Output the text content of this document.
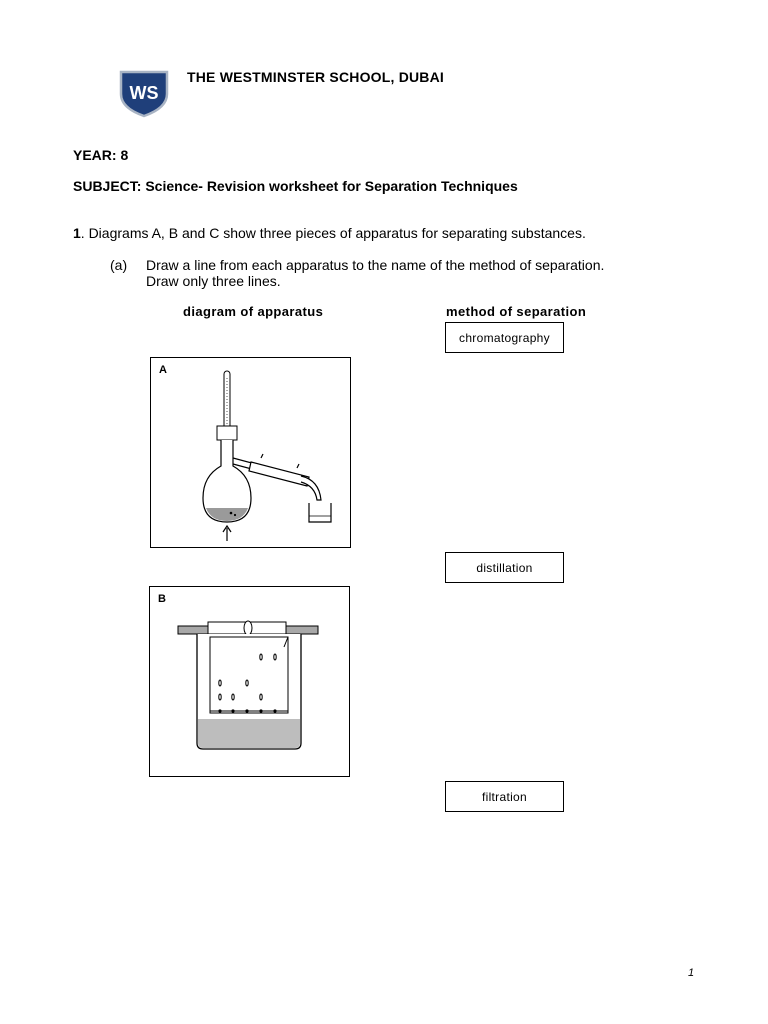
WS
THE WESTMINSTER SCHOOL, DUBAI
YEAR: 8
SUBJECT: Science- Revision worksheet for Separation Techniques
1. Diagrams A, B and C show three pieces of apparatus for separating substances.
(a) Draw a line from each apparatus to the name of the method of separation.
Draw only three lines.
diagram of apparatus	method of separation
chromatography
distillation
filtration
A
B
1
